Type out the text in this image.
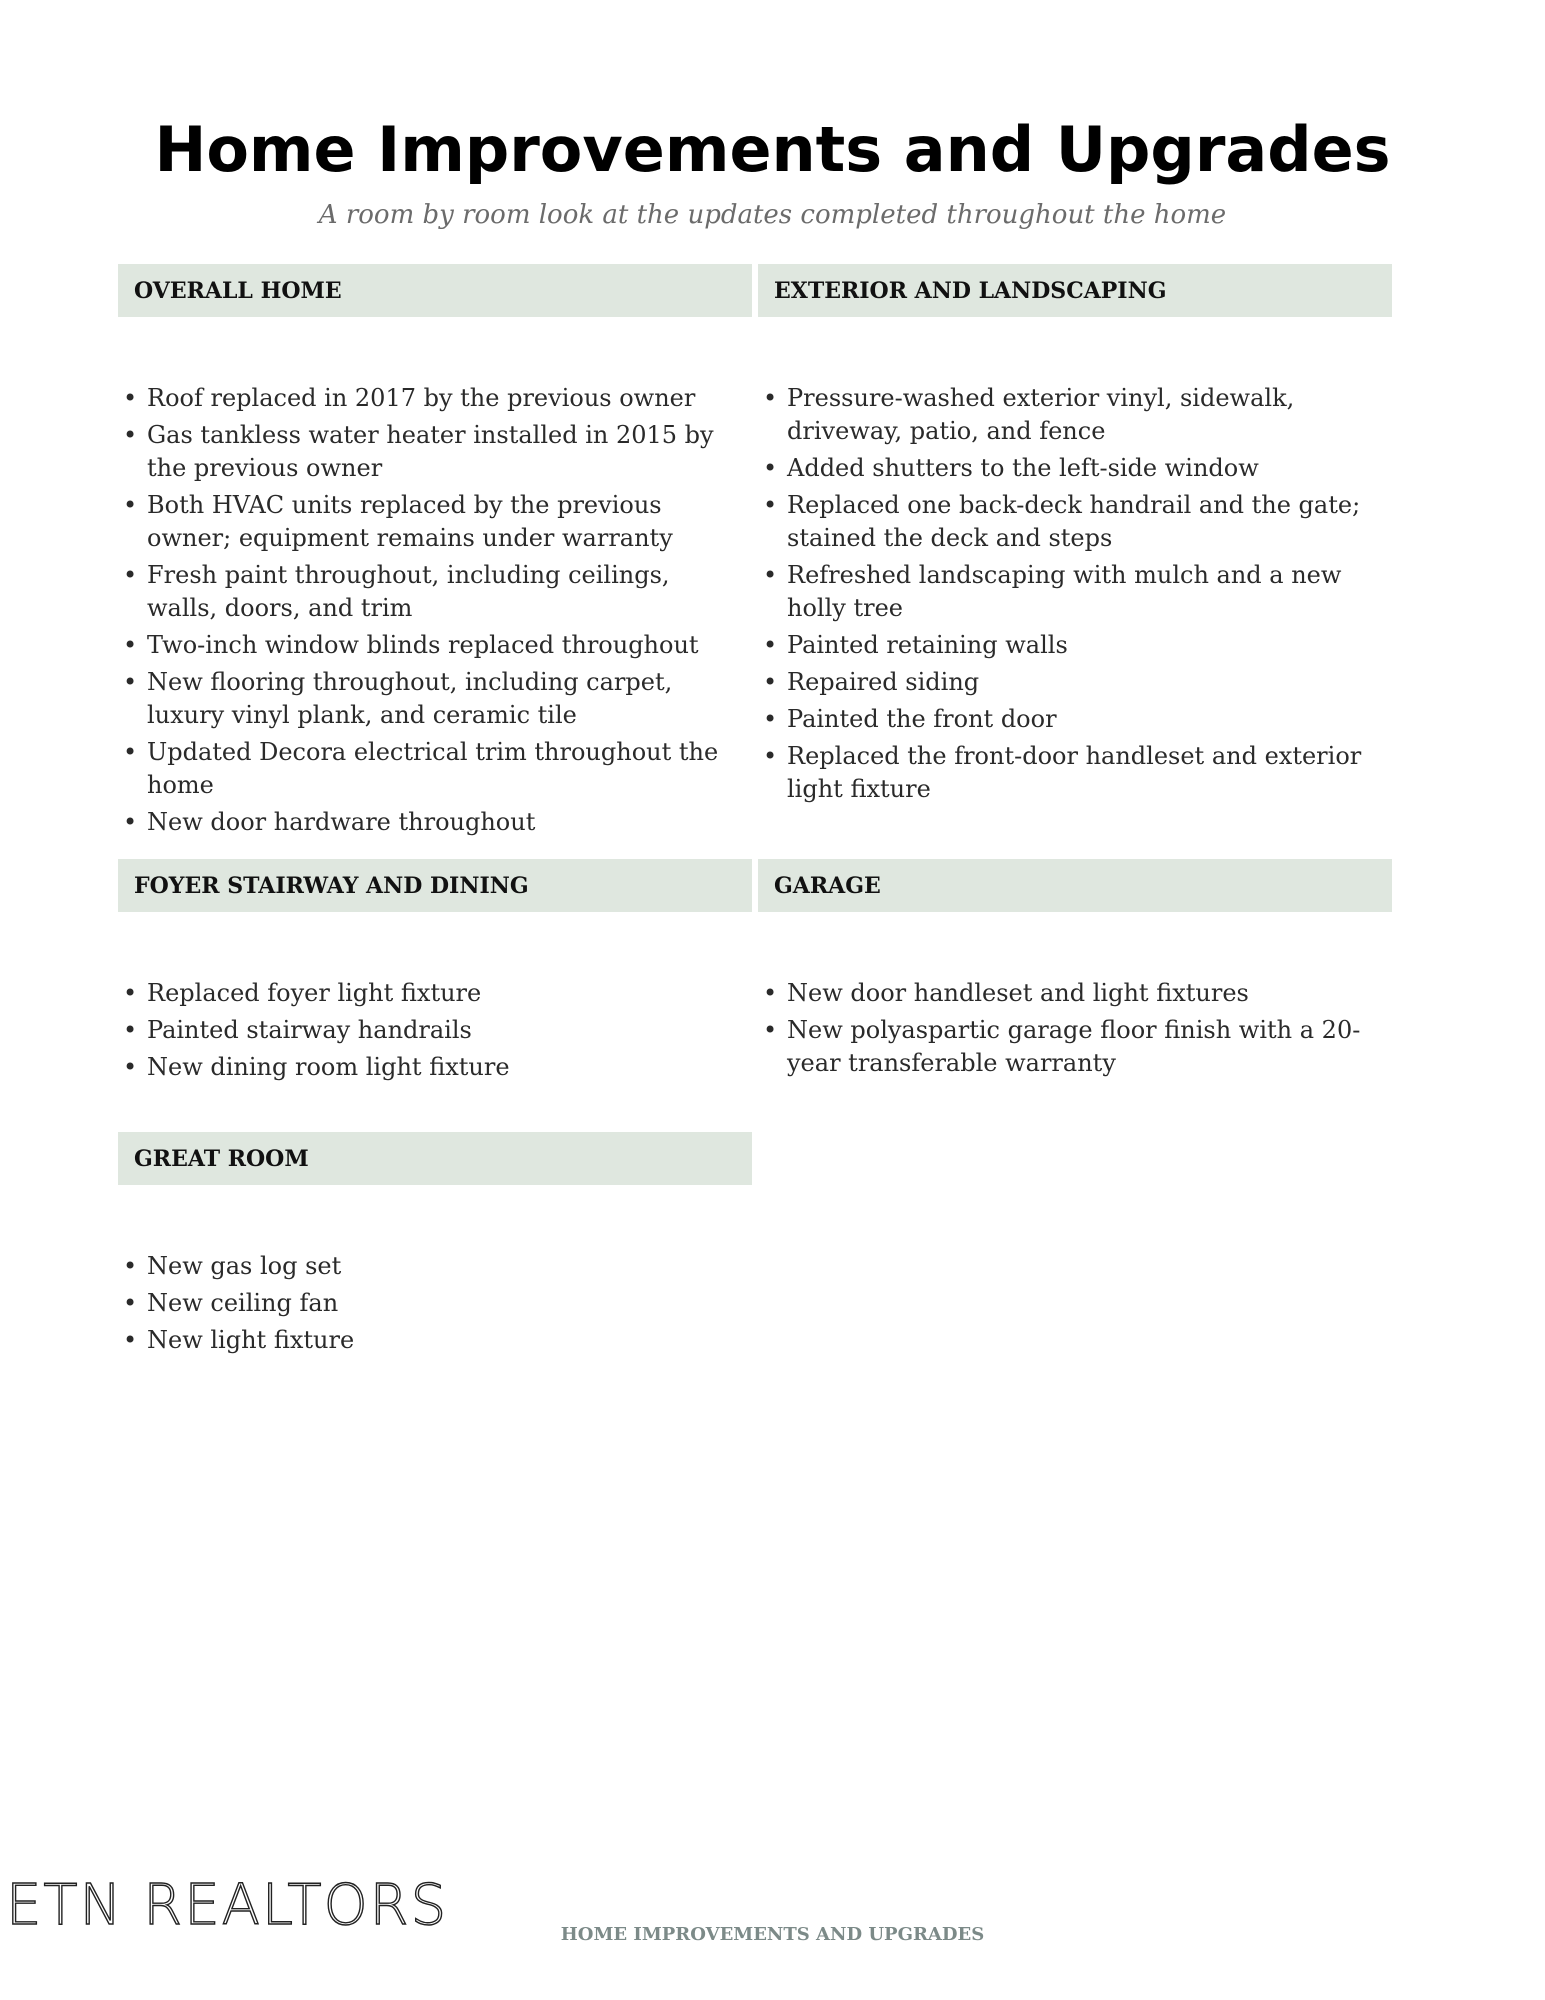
Home Improvements and Upgrades

A room by room look at the updates completed throughout the home

OVERALL HOME
• Roof replaced in 2017 by the previous owner
• Gas tankless water heater installed in 2015 by the previous owner
• Both HVAC units replaced by the previous owner; equipment remains under warranty
• Fresh paint throughout, including ceilings, walls, doors, and trim
• Two-inch window blinds replaced throughout
• New flooring throughout, including carpet, luxury vinyl plank, and ceramic tile
• Updated Decora electrical trim throughout the home
• New door hardware throughout
EXTERIOR AND LANDSCAPING
• Pressure-washed exterior vinyl, sidewalk, driveway, patio, and fence
• Added shutters to the left-side window
• Replaced one back-deck handrail and the gate; stained the deck and steps
• Refreshed landscaping with mulch and a new holly tree
• Painted retaining walls
• Repaired siding
• Painted the front door
• Replaced the front-door handleset and exterior light fixture
FOYER STAIRWAY AND DINING
• Replaced foyer light fixture
• Painted stairway handrails
• New dining room light fixture
GARAGE
• New door handleset and light fixtures
• New polyaspartic garage floor finish with a 20-year transferable warranty
GREAT ROOM
• New gas log set
• New ceiling fan
• New light fixture
ETN REALTORS	HOME IMPROVEMENTS AND UPGRADES
